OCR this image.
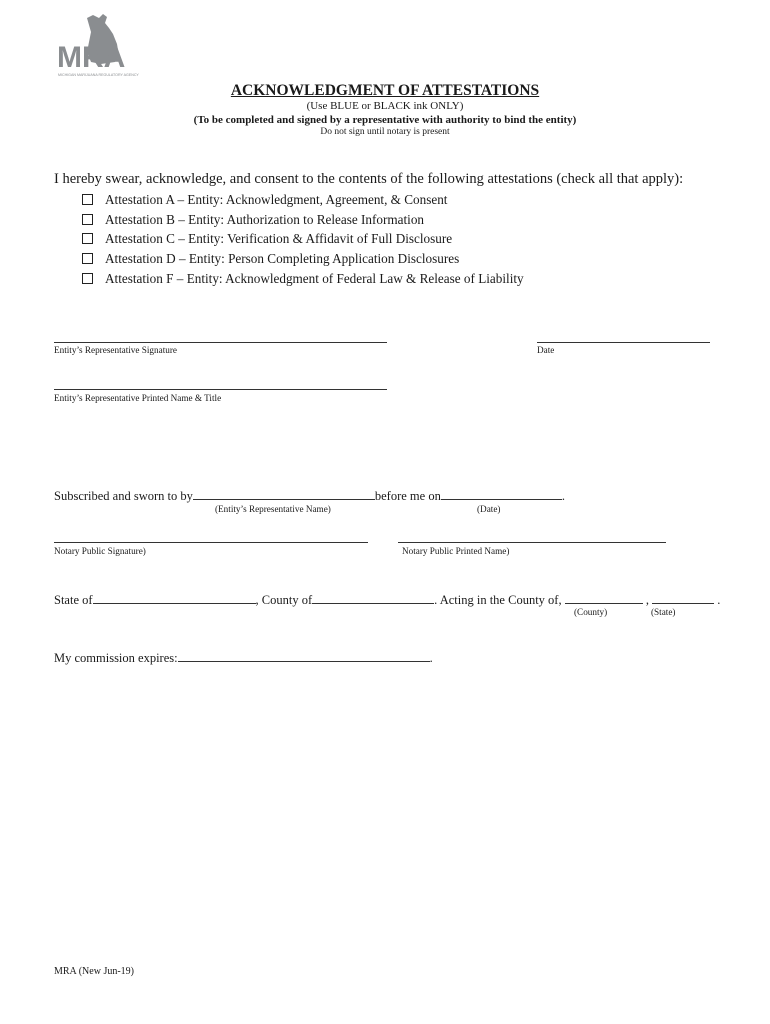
MRA
MICHIGAN MARIJUANA REGULATORY AGENCY
ACKNOWLEDGMENT OF ATTESTATIONS
(Use BLUE or BLACK ink ONLY)
(To be completed and signed by a representative with authority to bind the entity)
Do not sign until notary is present
I hereby swear, acknowledge, and consent to the contents of the following attestations (check all that apply):
Attestation A – Entity: Acknowledgment, Agreement, & Consent
Attestation B – Entity: Authorization to Release Information
Attestation C – Entity: Verification & Affidavit of Full Disclosure
Attestation D – Entity: Person Completing Application Disclosures
Attestation F – Entity: Acknowledgment of Federal Law & Release of Liability
Entity’s Representative Signature	Date
Entity’s Representative Printed Name & Title
Subscribed and sworn to by	before me on	.
(Entity’s Representative Name)	(Date)
Notary Public Signature)	Notary Public Printed Name)
State of	, County of	. Acting in the County of,	,	.
(County)	(State)
My commission expires:	.
MRA (New Jun-19)
